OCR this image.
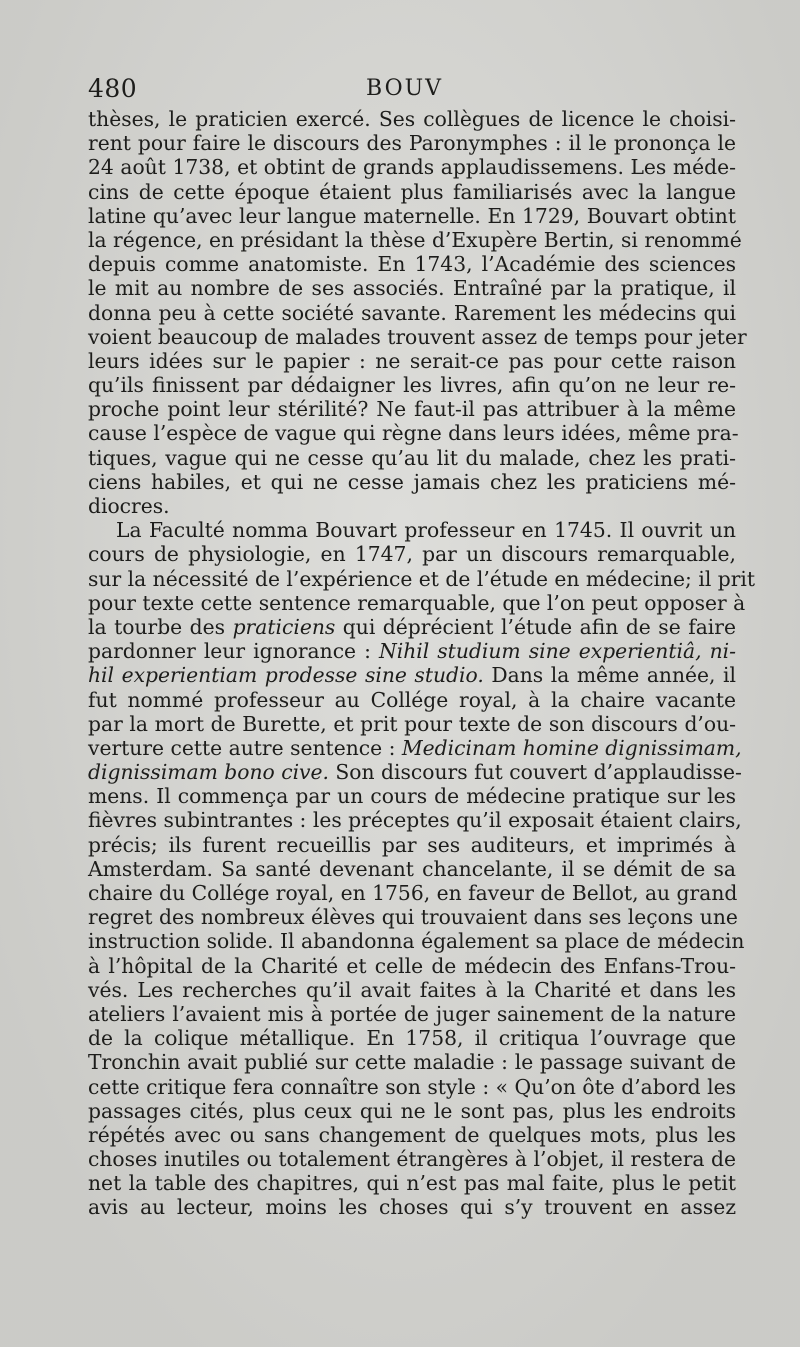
480	BOUV
thèses, le praticien exercé. Ses collègues de licence le choisi-
rent pour faire le discours des Paronymphes : il le prononça le
24 août 1738, et obtint de grands applaudissemens. Les méde-
cins de cette époque étaient plus familiarisés avec la langue
latine qu’avec leur langue maternelle. En 1729, Bouvart obtint
la régence, en présidant la thèse d’Exupère Bertin, si renommé
depuis comme anatomiste. En 1743, l’Académie des sciences
le mit au nombre de ses associés. Entraîné par la pratique, il
donna peu à cette société savante. Rarement les médecins qui
voient beaucoup de malades trouvent assez de temps pour jeter
leurs idées sur le papier : ne serait-ce pas pour cette raison
qu’ils finissent par dédaigner les livres, afin qu’on ne leur re-
proche point leur stérilité? Ne faut-il pas attribuer à la même
cause l’espèce de vague qui règne dans leurs idées, même pra-
tiques, vague qui ne cesse qu’au lit du malade, chez les prati-
ciens habiles, et qui ne cesse jamais chez les praticiens mé-
diocres.
La Faculté nomma Bouvart professeur en 1745. Il ouvrit un
cours de physiologie, en 1747, par un discours remarquable,
sur la nécessité de l’expérience et de l’étude en médecine; il prit
pour texte cette sentence remarquable, que l’on peut opposer à
la tourbe des praticiens qui déprécient l’étude afin de se faire
pardonner leur ignorance : Nihil studium sine experientiâ, ni-
hil experientiam prodesse sine studio. Dans la même année, il
fut nommé professeur au Collége royal, à la chaire vacante
par la mort de Burette, et prit pour texte de son discours d’ou-
verture cette autre sentence : Medicinam homine dignissimam,
dignissimam bono cive. Son discours fut couvert d’applaudisse-
mens. Il commença par un cours de médecine pratique sur les
fièvres subintrantes : les préceptes qu’il exposait étaient clairs,
précis; ils furent recueillis par ses auditeurs, et imprimés à
Amsterdam. Sa santé devenant chancelante, il se démit de sa
chaire du Collége royal, en 1756, en faveur de Bellot, au grand
regret des nombreux élèves qui trouvaient dans ses leçons une
instruction solide. Il abandonna également sa place de médecin
à l’hôpital de la Charité et celle de médecin des Enfans-Trou-
vés. Les recherches qu’il avait faites à la Charité et dans les
ateliers l’avaient mis à portée de juger sainement de la nature
de la colique métallique. En 1758, il critiqua l’ouvrage que
Tronchin avait publié sur cette maladie : le passage suivant de
cette critique fera connaître son style : « Qu’on ôte d’abord les
passages cités, plus ceux qui ne le sont pas, plus les endroits
répétés avec ou sans changement de quelques mots, plus les
choses inutiles ou totalement étrangères à l’objet, il restera de
net la table des chapitres, qui n’est pas mal faite, plus le petit
avis au lecteur, moins les choses qui s’y trouvent en assez
